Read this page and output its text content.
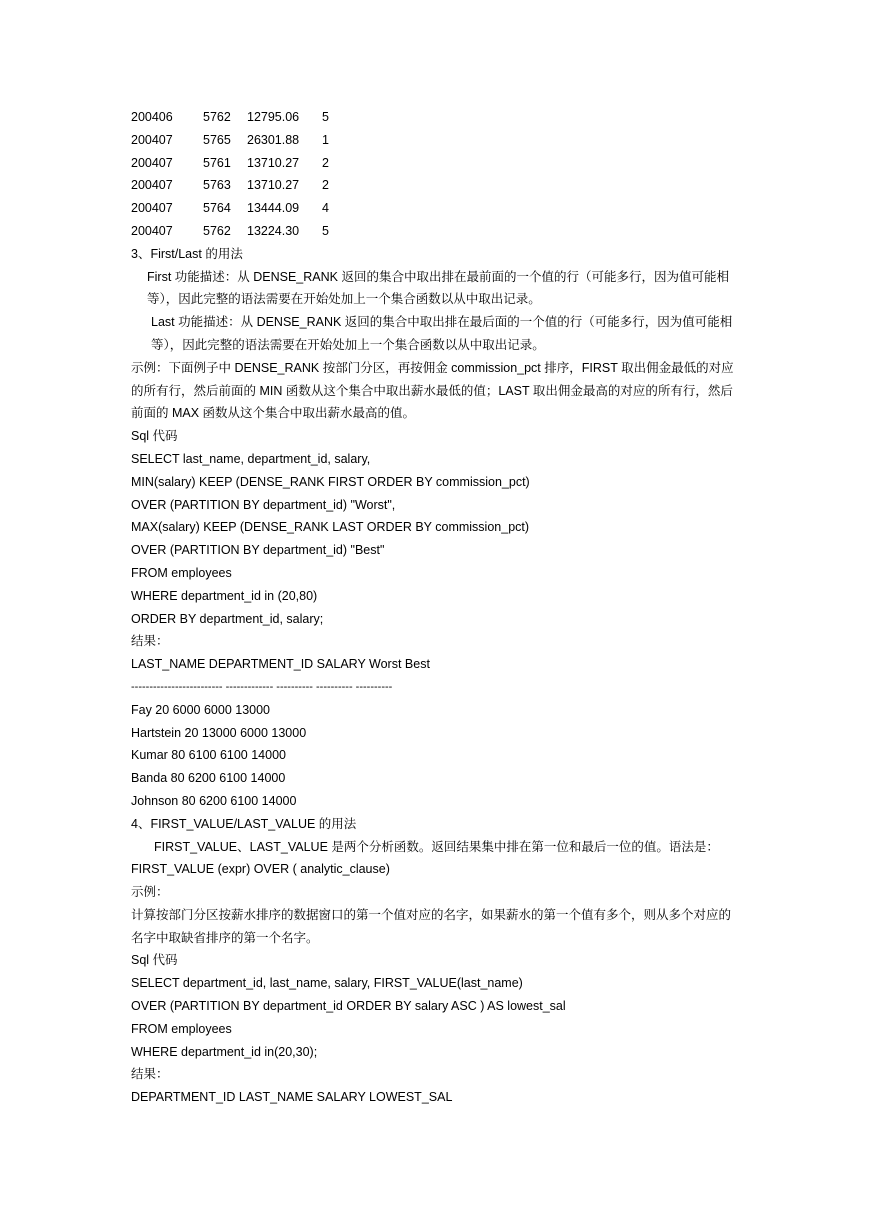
200406 5762 12795.06 5
200407 5765 26301.88 1
200407 5761 13710.27 2
200407 5763 13710.27 2
200407 5764 13444.09 4
200407 5762 13224.30 5
3、First/Last 的用法
First 功能描述：从 DENSE_RANK 返回的集合中取出排在最前面的一个值的行（可能多行，因为值可能相等），因此完整的语法需要在开始处加上一个集合函数以从中取出记录。
Last 功能描述：从 DENSE_RANK 返回的集合中取出排在最后面的一个值的行（可能多行，因为值可能相等），因此完整的语法需要在开始处加上一个集合函数以从中取出记录。
示例：下面例子中 DENSE_RANK 按部门分区，再按佣金 commission_pct 排序，FIRST 取出佣金最低的对应的所有行，然后前面的 MIN 函数从这个集合中取出薪水最低的值；LAST 取出佣金最高的对应的所有行，然后前面的 MAX 函数从这个集合中取出薪水最高的值。
Sql 代码
SELECT last_name, department_id, salary,
MIN(salary) KEEP (DENSE_RANK FIRST ORDER BY commission_pct)
OVER (PARTITION BY department_id) "Worst",
MAX(salary) KEEP (DENSE_RANK LAST ORDER BY commission_pct)
OVER (PARTITION BY department_id) "Best"
FROM employees
WHERE department_id in (20,80)
ORDER BY department_id, salary;
结果：
LAST_NAME DEPARTMENT_ID SALARY Worst Best
------------------------- ------------- ---------- ---------- ----------
Fay 20 6000 6000 13000
Hartstein 20 13000 6000 13000
Kumar 80 6100 6100 14000
Banda 80 6200 6100 14000
Johnson 80 6200 6100 14000
4、FIRST_VALUE/LAST_VALUE 的用法
FIRST_VALUE、LAST_VALUE 是两个分析函数。返回结果集中排在第一位和最后一位的值。语法是：
FIRST_VALUE (expr) OVER ( analytic_clause)
示例：
计算按部门分区按薪水排序的数据窗口的第一个值对应的名字，如果薪水的第一个值有多个，则从多个对应的名字中取缺省排序的第一个名字。
Sql 代码
SELECT department_id, last_name, salary, FIRST_VALUE(last_name)
OVER (PARTITION BY department_id ORDER BY salary ASC ) AS lowest_sal
FROM employees
WHERE department_id in(20,30);
结果：
DEPARTMENT_ID LAST_NAME SALARY LOWEST_SAL
